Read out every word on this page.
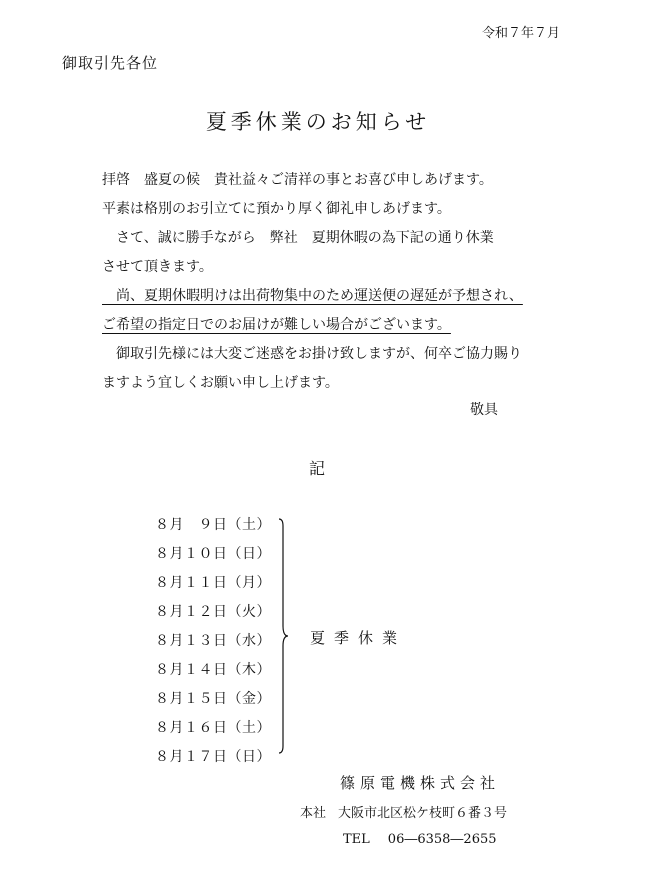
令和７年７月
御取引先各位
夏季休業のお知らせ
拝啓　盛夏の候　貴社益々ご清祥の事とお喜び申しあげます。
平素は格別のお引立てに預かり厚く御礼申しあげます。
　さて、誠に勝手ながら　弊社　夏期休暇の為下記の通り休業
させて頂きます。
　尚、夏期休暇明けは出荷物集中のため運送便の遅延が予想され、
ご希望の指定日でのお届けが難しい場合がございます。
　御取引先様には大変ご迷惑をお掛け致しますが、何卒ご協力賜り
ますよう宜しくお願い申し上げます。
敬具
記
８月　９日（土）
８月１０日（日）
８月１１日（月）
８月１２日（火）
８月１３日（水）
８月１４日（木）
８月１５日（金）
８月１６日（土）
８月１７日（日）
夏季休業
篠原電機株式会社
本社 大阪市北区松ケ枝町６番３号
TEL 06―6358―2655
